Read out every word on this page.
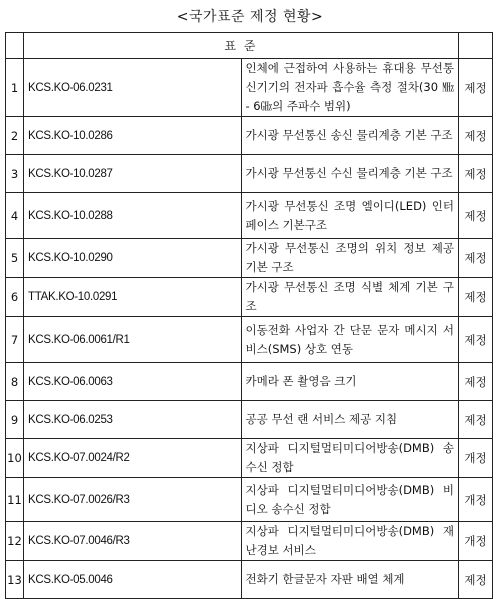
<국가표준 제정 현황>
	표 준		
1	KCS.KO-06.0231	인체에 근접하여 사용하는 휴대용 무선통신기기의 전자파 흡수율 측정 절차(30 ㎒ - 6㎓의 주파수 범위)	제정
2	KCS.KO-10.0286	가시광 무선통신 송신 물리계층 기본 구조	제정
3	KCS.KO-10.0287	가시광 무선통신 수신 물리계층 기본 구조	제정
4	KCS.KO-10.0288	가시광 무선통신 조명 엘이디(LED) 인터페이스 기본구조	제정
5	KCS.KO-10.0290	가시광 무선통신 조명의 위치 정보 제공 기본 구조	제정
6	TTAK.KO-10.0291	가시광 무선통신 조명 식별 체계 기본 구조	제정
7	KCS.KO-06.0061/R1	이동전화 사업자 간 단문 문자 메시지 서비스(SMS) 상호 연동	제정
8	KCS.KO-06.0063	카메라 폰 촬영음 크기	제정
9	KCS.KO-06.0253	공공 무선 랜 서비스 제공 지침	제정
10	KCS.KO-07.0024/R2	지상파 디지털멀티미디어방송(DMB) 송수신 정합	개정
11	KCS.KO-07.0026/R3	지상파 디지털멀티미디어방송(DMB) 비디오 송수신 정합	개정
12	KCS.KO-07.0046/R3	지상파 디지털멀티미디어방송(DMB) 재난경보 서비스	개정
13	KCS.KO-05.0046	전화기 한글문자 자판 배열 체계	제정
